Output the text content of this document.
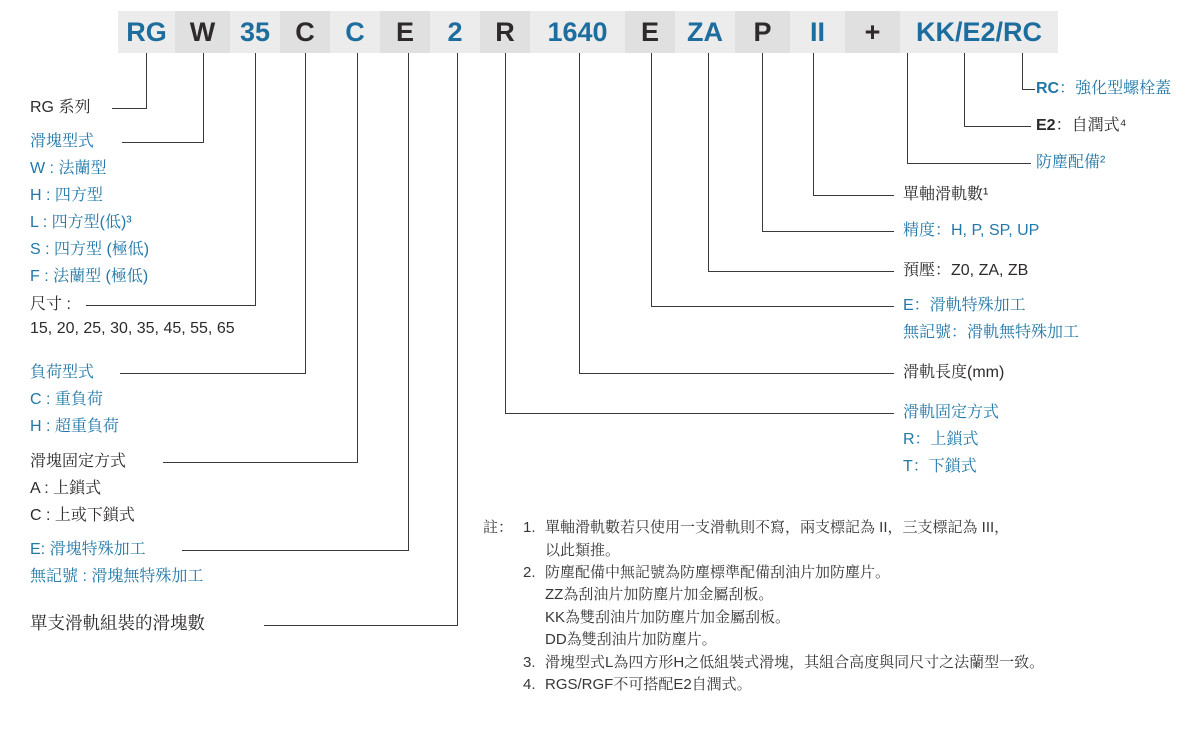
RG W 35 C	C	E	2	R	1640	E	ZA	P	II	+	KK/E2/RC
RG 系列
滑塊型式
W : 法蘭型
H : 四方型
L : 四方型(低)³
S : 四方型 (極低)
F : 法蘭型 (極低)
尺寸 :
15, 20, 25, 30, 35, 45, 55, 65
負荷型式
C : 重負荷
H : 超重負荷
滑塊固定方式
A : 上鎖式
C : 上或下鎖式
E: 滑塊特殊加工
無記號 : 滑塊無特殊加工
單支滑軌組裝的滑塊數
RC：強化型螺栓蓋
E2：自潤式⁴
防塵配備²
單軸滑軌數¹
精度：H, P, SP, UP
預壓：Z0, ZA, ZB
E：滑軌特殊加工
無記號：滑軌無特殊加工
滑軌長度(mm)
滑軌固定方式
R：上鎖式
T：下鎖式
註： 1. 單軸滑軌數若只使用一支滑軌則不寫，兩支標記為 II，三支標記為 III，
以此類推。
2. 防塵配備中無記號為防塵標準配備刮油片加防塵片。
ZZ為刮油片加防塵片加金屬刮板。
KK為雙刮油片加防塵片加金屬刮板。
DD為雙刮油片加防塵片。
3. 滑塊型式L為四方形H之低組裝式滑塊，其組合高度與同尺寸之法蘭型一致。
4. RGS/RGF不可搭配E2自潤式。
